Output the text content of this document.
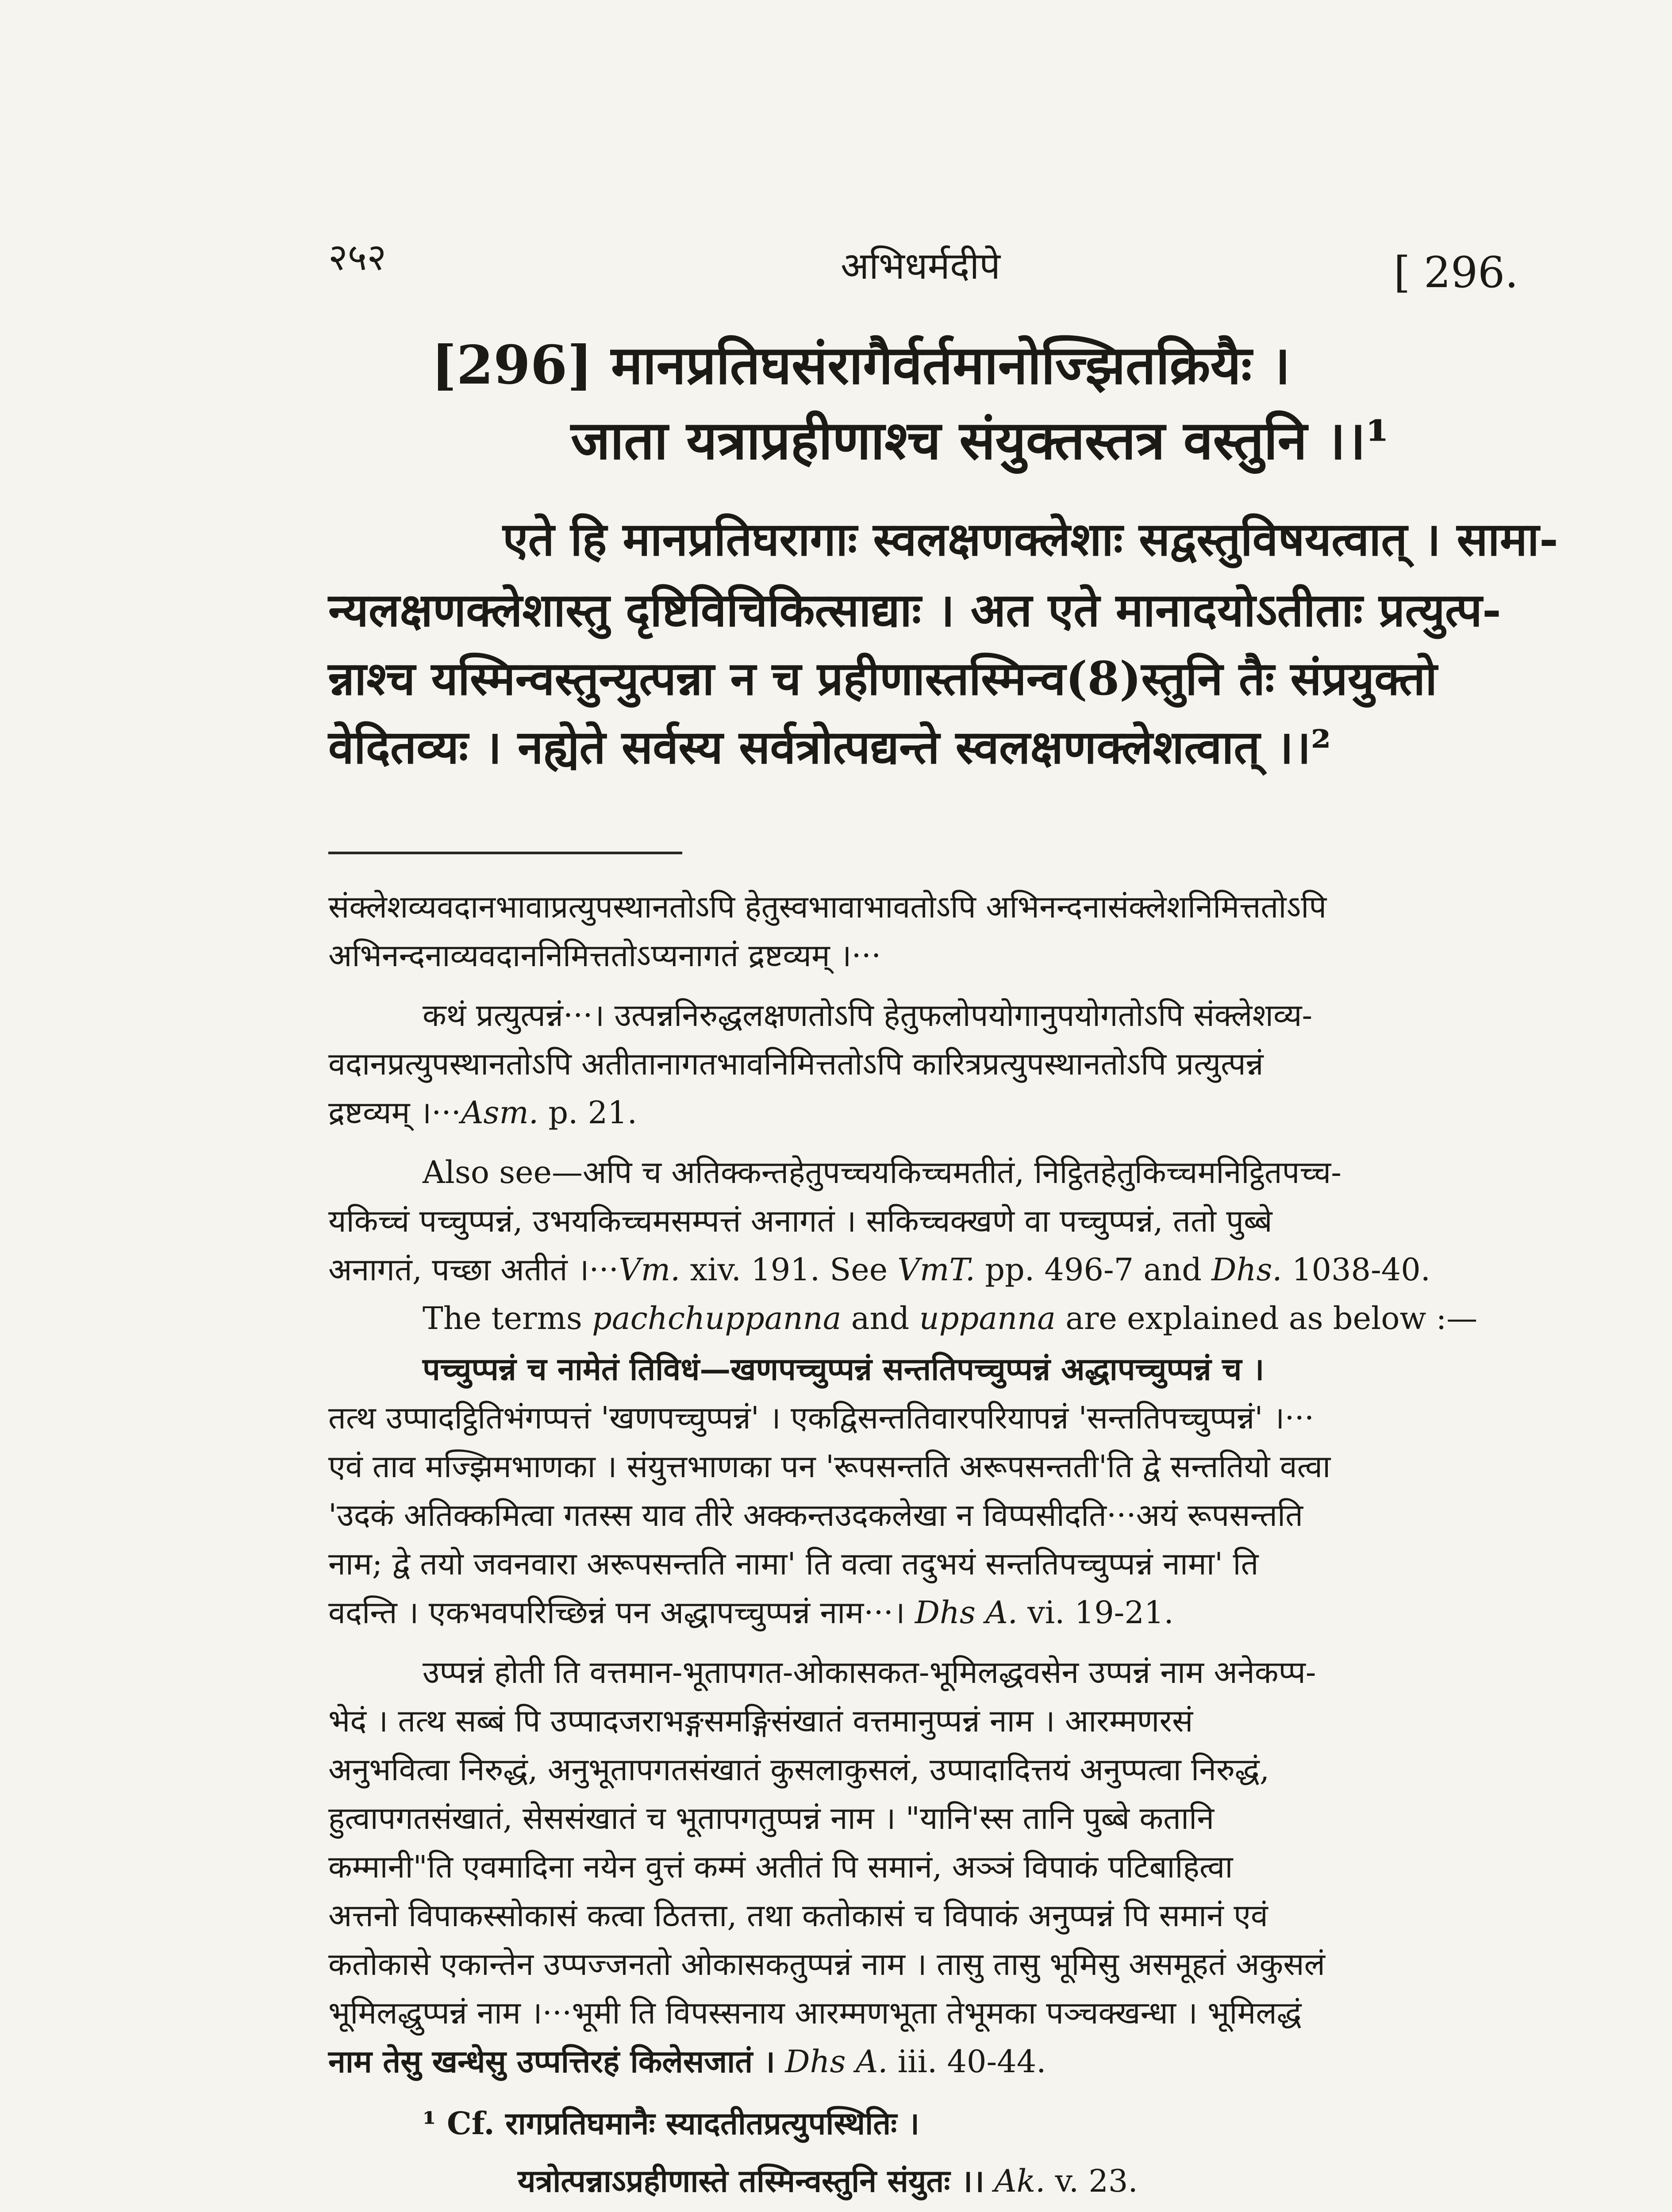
२५२	अभिधर्मदीपे	[ 296.
[296] मानप्रतिघसंरागैर्वर्तमानोज्झितक्रियैः ।
जाता यत्राप्रहीणाश्च संयुक्तस्तत्र वस्तुनि ।।¹
एते हि मानप्रतिघरागाः स्वलक्षणक्लेशाः सद्वस्तुविषयत्वात् । सामा-
न्यलक्षणक्लेशास्तु दृष्टिविचिकित्साद्याः । अत एते मानादयोऽतीताः प्रत्युत्प-
न्नाश्च यस्मिन्वस्तुन्युत्पन्ना न च प्रहीणास्तस्मिन्व(8)स्तुनि तैः संप्रयुक्तो
वेदितव्यः । नह्येते सर्वस्य सर्वत्रोत्पद्यन्ते स्वलक्षणक्लेशत्वात् ।।²
संक्लेशव्यवदानभावाप्रत्युपस्थानतोऽपि हेतुस्वभावाभावतोऽपि अभिनन्दनासंक्लेशनिमित्ततोऽपि
अभिनन्दनाव्यवदाननिमित्ततोऽप्यनागतं द्रष्टव्यम् ।···
कथं प्रत्युत्पन्नं···। उत्पन्ननिरुद्धलक्षणतोऽपि हेतुफलोपयोगानुपयोगतोऽपि संक्लेशव्य-
वदानप्रत्युपस्थानतोऽपि अतीतानागतभावनिमित्ततोऽपि कारित्रप्रत्युपस्थानतोऽपि प्रत्युत्पन्नं
द्रष्टव्यम् ।···Asm. p. 21.
Also see—अपि च अतिक्कन्तहेतुपच्चयकिच्चमतीतं, निट्ठितहेतुकिच्चमनिट्ठितपच्च-
यकिच्चं पच्चुप्पन्नं, उभयकिच्चमसम्पत्तं अनागतं । सकिच्चक्खणे वा पच्चुप्पन्नं, ततो पुब्बे
अनागतं, पच्छा अतीतं ।···Vm. xiv. 191. See VmT. pp. 496-7 and Dhs. 1038-40.
The terms pachchuppanna and uppanna are explained as below :—
पच्चुप्पन्नं च नामेतं तिविधं—खणपच्चुप्पन्नं सन्ततिपच्चुप्पन्नं अद्धापच्चुप्पन्नं च ।
तत्थ उप्पादट्ठितिभंगप्पत्तं 'खणपच्चुप्पन्नं' । एकद्विसन्ततिवारपरियापन्नं 'सन्ततिपच्चुप्पन्नं' ।···
एवं ताव मज्झिमभाणका । संयुत्तभाणका पन 'रूपसन्तति अरूपसन्तती'ति द्वे सन्ततियो वत्वा
'उदकं अतिक्कमित्वा गतस्स याव तीरे अक्कन्तउदकलेखा न विप्पसीदति···अयं रूपसन्तति
नाम; द्वे तयो जवनवारा अरूपसन्तति नामा' ति वत्वा तदुभयं सन्ततिपच्चुप्पन्नं नामा' ति
वदन्ति । एकभवपरिच्छिन्नं पन अद्धापच्चुप्पन्नं नाम···। Dhs A. vi. 19-21.
उप्पन्नं होती ति वत्तमान-भूतापगत-ओकासकत-भूमिलद्धवसेन उप्पन्नं नाम अनेकप्प-
भेदं । तत्थ सब्बं पि उप्पादजराभङ्गसमङ्गिसंखातं वत्तमानुप्पन्नं नाम । आरम्मणरसं
अनुभवित्वा निरुद्धं, अनुभूतापगतसंखातं कुसलाकुसलं, उप्पादादित्तयं अनुप्पत्वा निरुद्धं,
हुत्वापगतसंखातं, सेससंखातं च भूतापगतुप्पन्नं नाम । "यानि'स्स तानि पुब्बे कतानि
कम्मानी"ति एवमादिना नयेन वुत्तं कम्मं अतीतं पि समानं, अञ्ञं विपाकं पटिबाहित्वा
अत्तनो विपाकस्सोकासं कत्वा ठितत्ता, तथा कतोकासं च विपाकं अनुप्पन्नं पि समानं एवं
कतोकासे एकान्तेन उप्पज्जनतो ओकासकतुप्पन्नं नाम । तासु तासु भूमिसु असमूहतं अकुसलं
भूमिलद्धुप्पन्नं नाम ।···भूमी ति विपस्सनाय आरम्मणभूता तेभूमका पञ्चक्खन्धा । भूमिलद्धं
नाम तेसु खन्धेसु उप्पत्तिरहं किलेसजातं । Dhs A. iii. 40-44.
¹ Cf. रागप्रतिघमानैः स्यादतीतप्रत्युपस्थितिः ।
यत्रोत्पन्नाऽप्रहीणास्ते तस्मिन्वस्तुनि संयुतः ।। Ak. v. 23.
